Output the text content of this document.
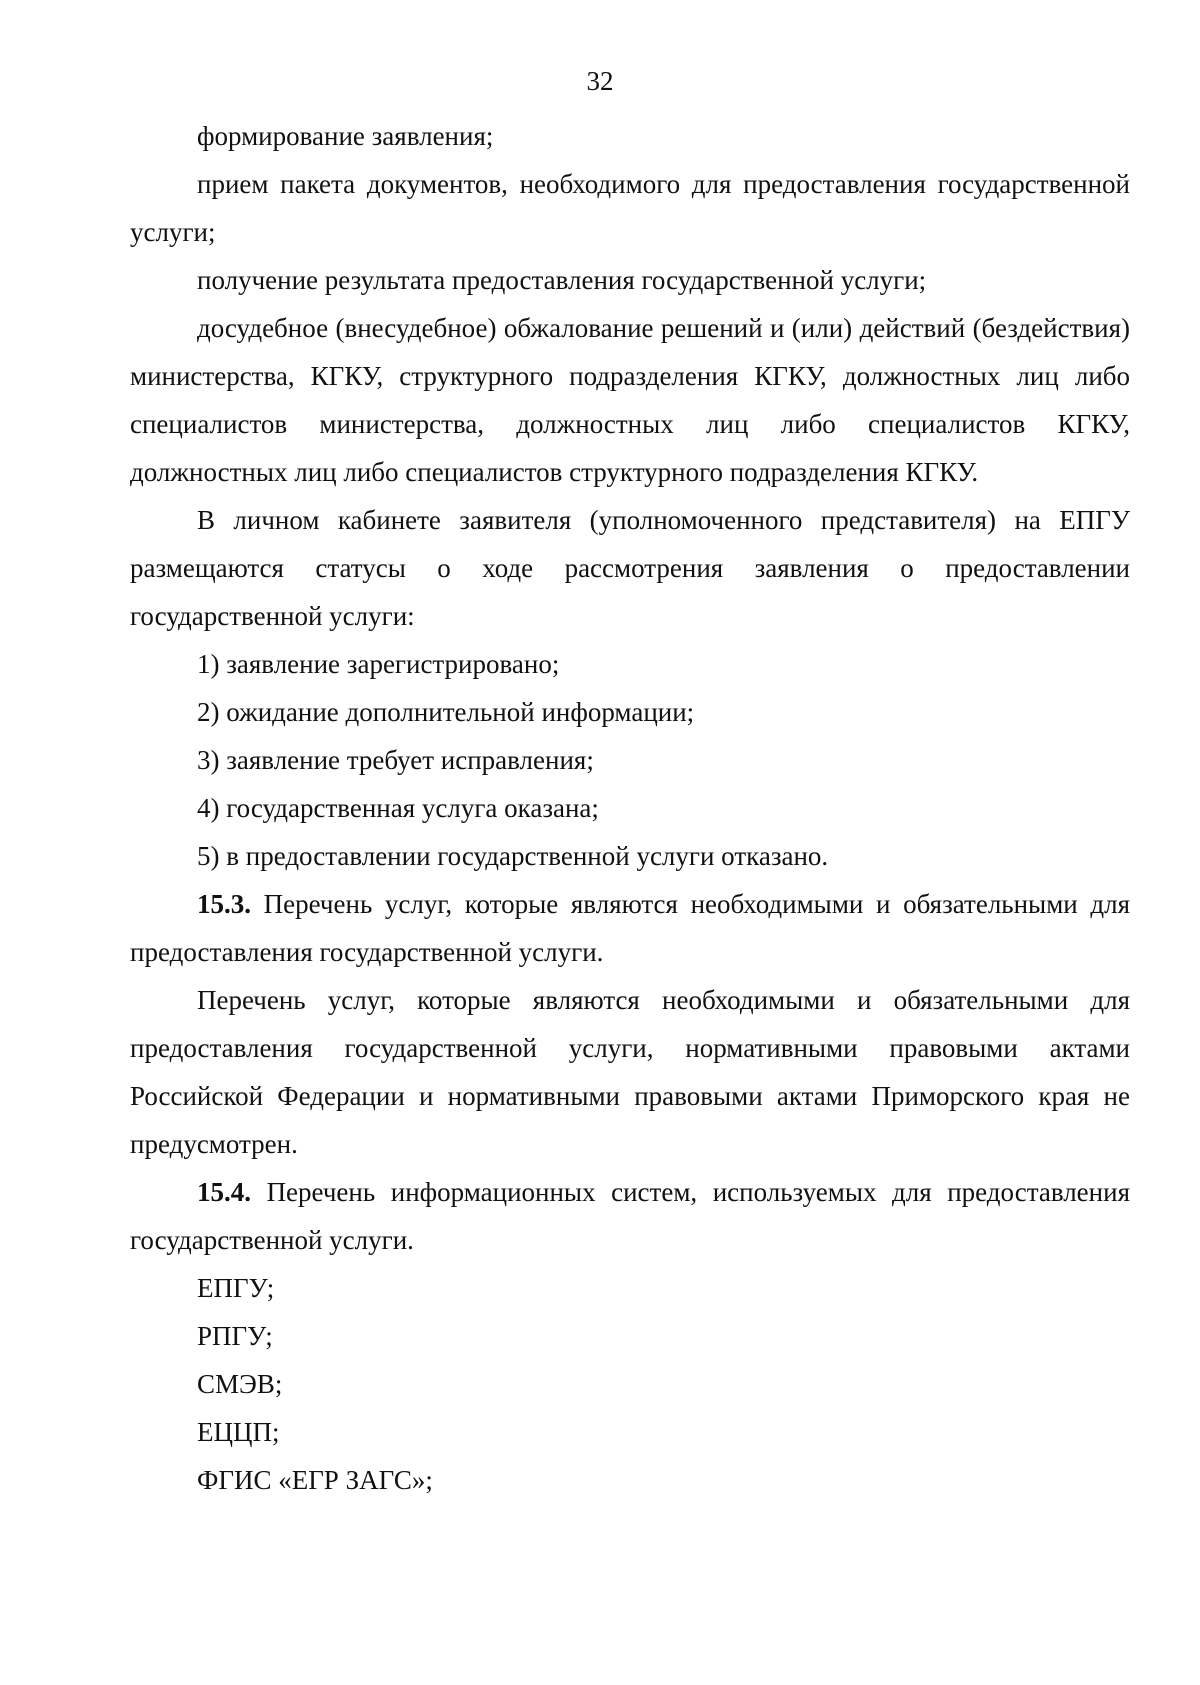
32

формирование заявления;

прием пакета документов, необходимого для предоставления государственной услуги;

получение результата предоставления государственной услуги;

досудебное (внесудебное) обжалование решений и (или) действий (бездействия) министерства, КГКУ, структурного подразделения КГКУ, должностных лиц либо специалистов министерства, должностных лиц либо специалистов КГКУ, должностных лиц либо специалистов структурного подразделения КГКУ.

В личном кабинете заявителя (уполномоченного представителя) на ЕПГУ размещаются статусы о ходе рассмотрения заявления о предоставлении государственной услуги:

1) заявление зарегистрировано;

2) ожидание дополнительной информации;

3) заявление требует исправления;

4) государственная услуга оказана;

5) в предоставлении государственной услуги отказано.

15.3. Перечень услуг, которые являются необходимыми и обязательными для предоставления государственной услуги.

Перечень услуг, которые являются необходимыми и обязательными для предоставления государственной услуги, нормативными правовыми актами Российской Федерации и нормативными правовыми актами Приморского края не предусмотрен.

15.4. Перечень информационных систем, используемых для предоставления государственной услуги.

ЕПГУ;

РПГУ;

СМЭВ;

ЕЦЦП;

ФГИС «ЕГР ЗАГС»;
